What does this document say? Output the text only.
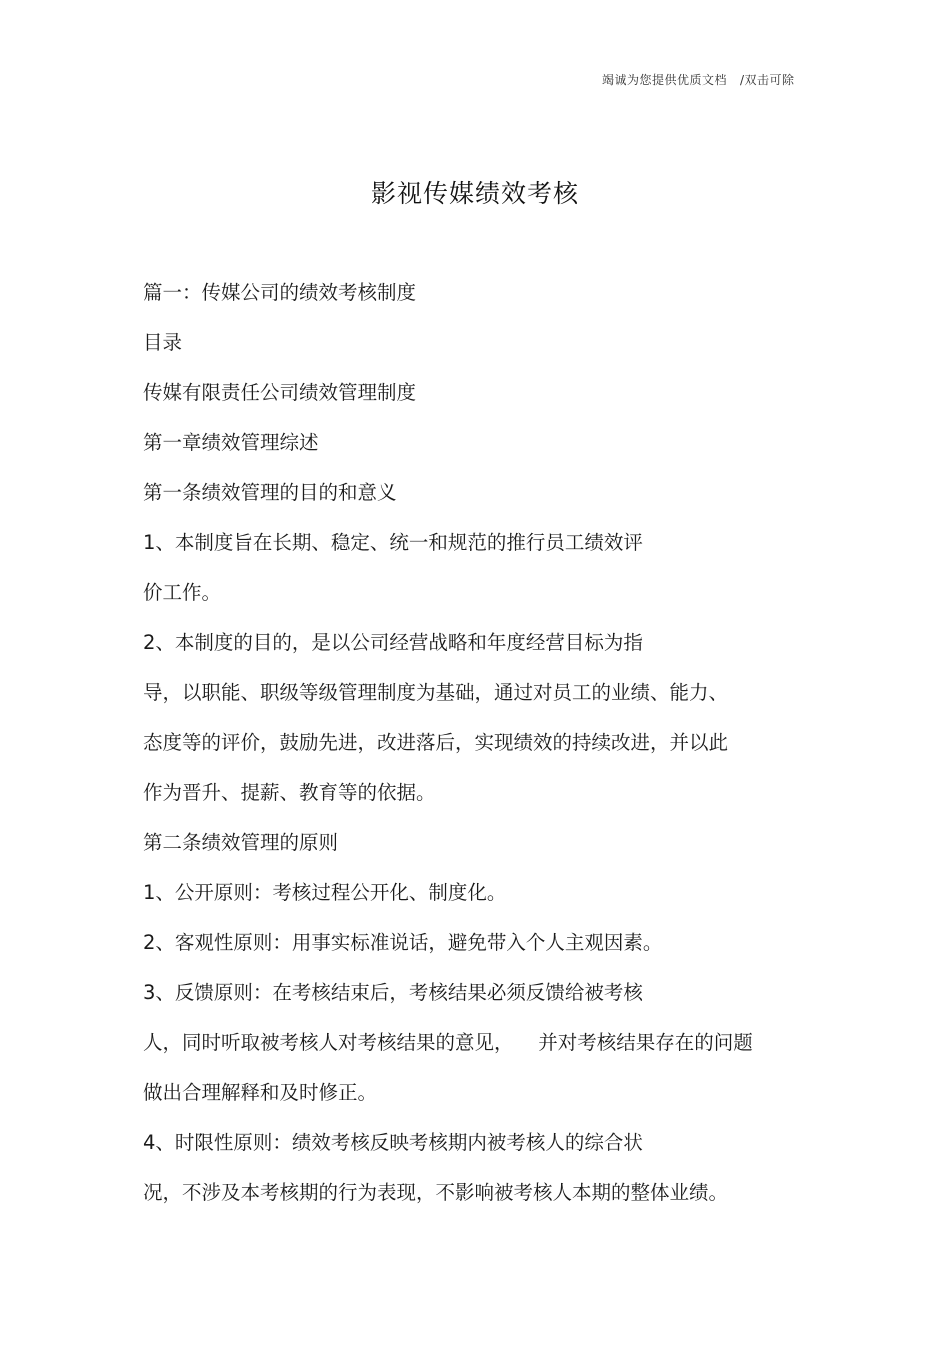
竭诚为您提供优质文档   /双击可除
影视传媒绩效考核
篇一：传媒公司的绩效考核制度
目录
传媒有限责任公司绩效管理制度
第一章绩效管理综述
第一条绩效管理的目的和意义
1、本制度旨在长期、稳定、统一和规范的推行员工绩效评
价工作。
2、本制度的目的，是以公司经营战略和年度经营目标为指
导，以职能、职级等级管理制度为基础，通过对员工的业绩、能力、
态度等的评价，鼓励先进，改进落后，实现绩效的持续改进，并以此
作为晋升、提薪、教育等的依据。
第二条绩效管理的原则
1、公开原则：考核过程公开化、制度化。
2、客观性原则：用事实标准说话，避免带入个人主观因素。
3、反馈原则：在考核结束后，考核结果必须反馈给被考核
人，同时听取被考核人对考核结果的意见，    并对考核结果存在的问题
做出合理解释和及时修正。
4、时限性原则：绩效考核反映考核期内被考核人的综合状
况，不涉及本考核期的行为表现，不影响被考核人本期的整体业绩。
